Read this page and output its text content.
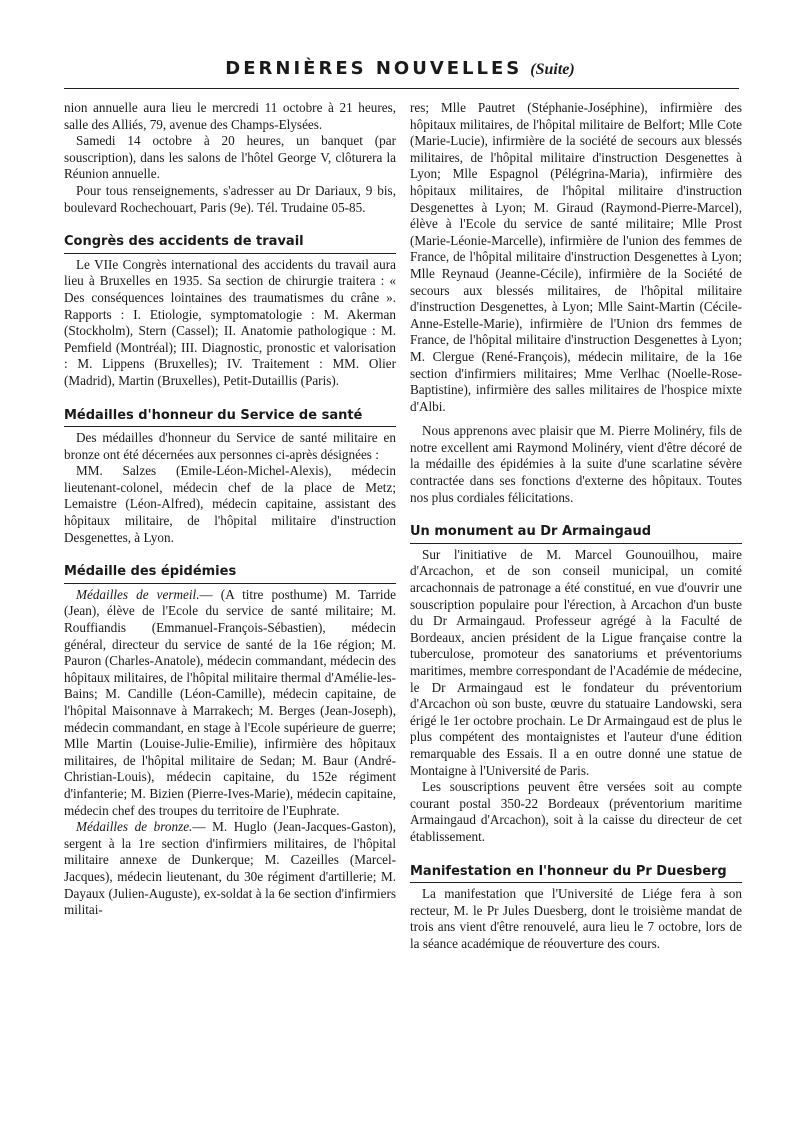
DERNIÈRES NOUVELLES (Suite)

nion annuelle aura lieu le mercredi 11 octobre à 21 heures, salle des Alliés, 79, avenue des Champs-Elysées.

Samedi 14 octobre à 20 heures, un banquet (par souscription), dans les salons de l'hôtel George V, clôturera la Réunion annuelle.

Pour tous renseignements, s'adresser au Dr Dariaux, 9 bis, boulevard Rochechouart, Paris (9e). Tél. Trudaine 05-85.

Congrès des accidents de travail

Le VIIe Congrès international des accidents du travail aura lieu à Bruxelles en 1935. Sa section de chirurgie traitera : « Des conséquences lointaines des traumatismes du crâne ». Rapports : I. Etiologie, symptomatologie : M. Akerman (Stockholm), Stern (Cassel); II. Anatomie pathologique : M. Pemfield (Montréal); III. Diagnostic, pronostic et valorisation : M. Lippens (Bruxelles); IV. Traitement : MM. Olier (Madrid), Martin (Bruxelles), Petit-Dutaillis (Paris).

Médailles d'honneur du Service de santé

Des médailles d'honneur du Service de santé militaire en bronze ont été décernées aux personnes ci-après désignées :

MM. Salzes (Emile-Léon-Michel-Alexis), médecin lieutenant-colonel, médecin chef de la place de Metz; Lemaistre (Léon-Alfred), médecin capitaine, assistant des hôpitaux militaire, de l'hôpital militaire d'instruction Desgenettes, à Lyon.

Médaille des épidémies

Médailles de vermeil.— (A titre posthume) M. Tarride (Jean), élève de l'Ecole du service de santé militaire; M. Rouffiandis (Emmanuel-François-Sébastien), médecin général, directeur du service de santé de la 16e région; M. Pauron (Charles-Anatole), médecin commandant, médecin des hôpitaux militaires, de l'hôpital militaire thermal d'Amélie-les-Bains; M. Candille (Léon-Camille), médecin capitaine, de l'hôpital Maisonnave à Marrakech; M. Berges (Jean-Joseph), médecin commandant, en stage à l'Ecole supérieure de guerre; Mlle Martin (Louise-Julie-Emilie), infirmière des hôpitaux militaires, de l'hôpital militaire de Sedan; M. Baur (André-Christian-Louis), médecin capitaine, du 152e régiment d'infanterie; M. Bizien (Pierre-Ives-Marie), médecin capitaine, médecin chef des troupes du territoire de l'Euphrate.

Médailles de bronze.— M. Huglo (Jean-Jacques-Gaston), sergent à la 1re section d'infirmiers militaires, de l'hôpital militaire annexe de Dunkerque; M. Cazeilles (Marcel-Jacques), médecin lieutenant, du 30e régiment d'artillerie; M. Dayaux (Julien-Auguste), ex-soldat à la 6e section d'infirmiers militai-

res; Mlle Pautret (Stéphanie-Joséphine), infirmière des hôpitaux militaires, de l'hôpital militaire de Belfort; Mlle Cote (Marie-Lucie), infirmière de la société de secours aux blessés militaires, de l'hôpital militaire d'instruction Desgenettes à Lyon; Mlle Espagnol (Pélégrina-Maria), infirmière des hôpitaux militaires, de l'hôpital militaire d'instruction Desgenettes à Lyon; M. Giraud (Raymond-Pierre-Marcel), élève à l'Ecole du service de santé militaire; Mlle Prost (Marie-Léonie-Marcelle), infirmière de l'union des femmes de France, de l'hôpital militaire d'instruction Desgenettes à Lyon; Mlle Reynaud (Jeanne-Cécile), infirmière de la Société de secours aux blessés militaires, de l'hôpital militaire d'instruction Desgenettes, à Lyon; Mlle Saint-Martin (Cécile-Anne-Estelle-Marie), infirmière de l'Union drs femmes de France, de l'hôpital militaire d'instruction Desgenettes à Lyon; M. Clergue (René-François), médecin militaire, de la 16e section d'infirmiers militaires; Mme Verlhac (Noelle-Rose-Baptistine), infirmière des salles militaires de l'hospice mixte d'Albi.

Nous apprenons avec plaisir que M. Pierre Molinéry, fils de notre excellent ami Raymond Molinéry, vient d'être décoré de la médaille des épidémies à la suite d'une scarlatine sévère contractée dans ses fonctions d'externe des hôpitaux. Toutes nos plus cordiales félicitations.

Un monument au Dr Armaingaud

Sur l'initiative de M. Marcel Gounouilhou, maire d'Arcachon, et de son conseil municipal, un comité arcachonnais de patronage a été constitué, en vue d'ouvrir une souscription populaire pour l'érection, à Arcachon d'un buste du Dr Armaingaud. Professeur agrégé à la Faculté de Bordeaux, ancien président de la Ligue française contre la tuberculose, promoteur des sanatoriums et préventoriums maritimes, membre correspondant de l'Académie de médecine, le Dr Armaingaud est le fondateur du préventorium d'Arcachon où son buste, œuvre du statuaire Landowski, sera érigé le 1er octobre prochain. Le Dr Armaingaud est de plus le plus compétent des montaignistes et l'auteur d'une édition remarquable des Essais. Il a en outre donné une statue de Montaigne à l'Université de Paris.

Les souscriptions peuvent être versées soit au compte courant postal 350-22 Bordeaux (préventorium maritime Armaingaud d'Arcachon), soit à la caisse du directeur de cet établissement.

Manifestation en l'honneur du Pr Duesberg

La manifestation que l'Université de Liége fera à son recteur, M. le Pr Jules Duesberg, dont le troisième mandat de trois ans vient d'être renouvelé, aura lieu le 7 octobre, lors de la séance académique de réouverture des cours.
